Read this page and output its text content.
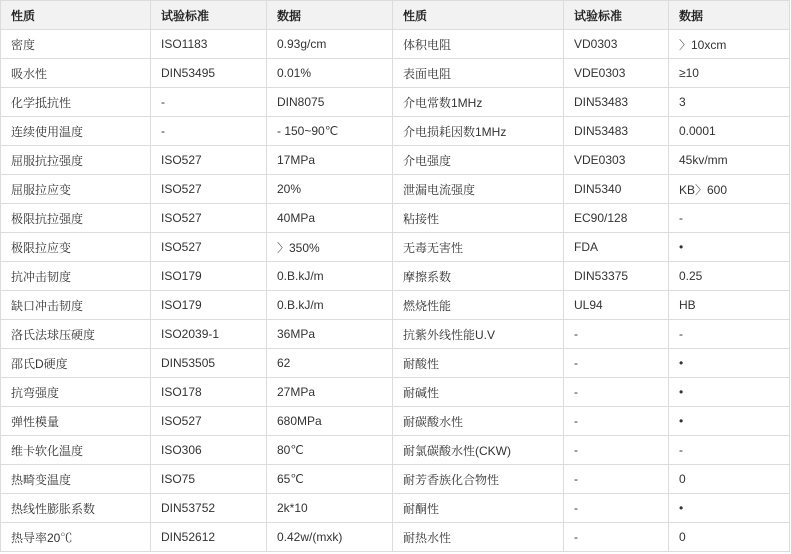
性质	试验标准	数据	性质	试验标准	数据
密度	ISO1183	0.93g/cm	体积电阻	VD0303	〉10xcm
吸水性	DIN53495	0.01%	表面电阻	VDE0303	≥10
化学抵抗性	-	DIN8075	介电常数1MHz	DIN53483	3
连续使用温度	-	- 150~90℃	介电损耗因数1MHz	DIN53483	0.0001
屈服抗拉强度	ISO527	17MPa	介电强度	VDE0303	45kv/mm
屈服拉应变	ISO527	20%	泄漏电流强度	DIN5340	KB〉600
极限抗拉强度	ISO527	40MPa	粘接性	EC90/128	-
极限拉应变	ISO527	〉350%	无毒无害性	FDA	•
抗冲击韧度	ISO179	0.B.kJ/m	摩擦系数	DIN53375	0.25
缺口冲击韧度	ISO179	0.B.kJ/m	燃烧性能	UL94	HB
洛氏法球压硬度	ISO2039-1	36MPa	抗紫外线性能U.V	-	-
邵氏D硬度	DIN53505	62	耐酸性	-	•
抗弯强度	ISO178	27MPa	耐碱性	-	•
弹性模量	ISO527	680MPa	耐碳酸水性	-	•
维卡软化温度	ISO306	80℃	耐氯碳酸水性(CKW)	-	-
热畸变温度	ISO75	65℃	耐芳香族化合物性	-	0
热线性膨胀系数	DIN53752	2k*10	耐酮性	-	•
热导率20℃	DIN52612	0.42w/(mxk)	耐热水性	-	0
